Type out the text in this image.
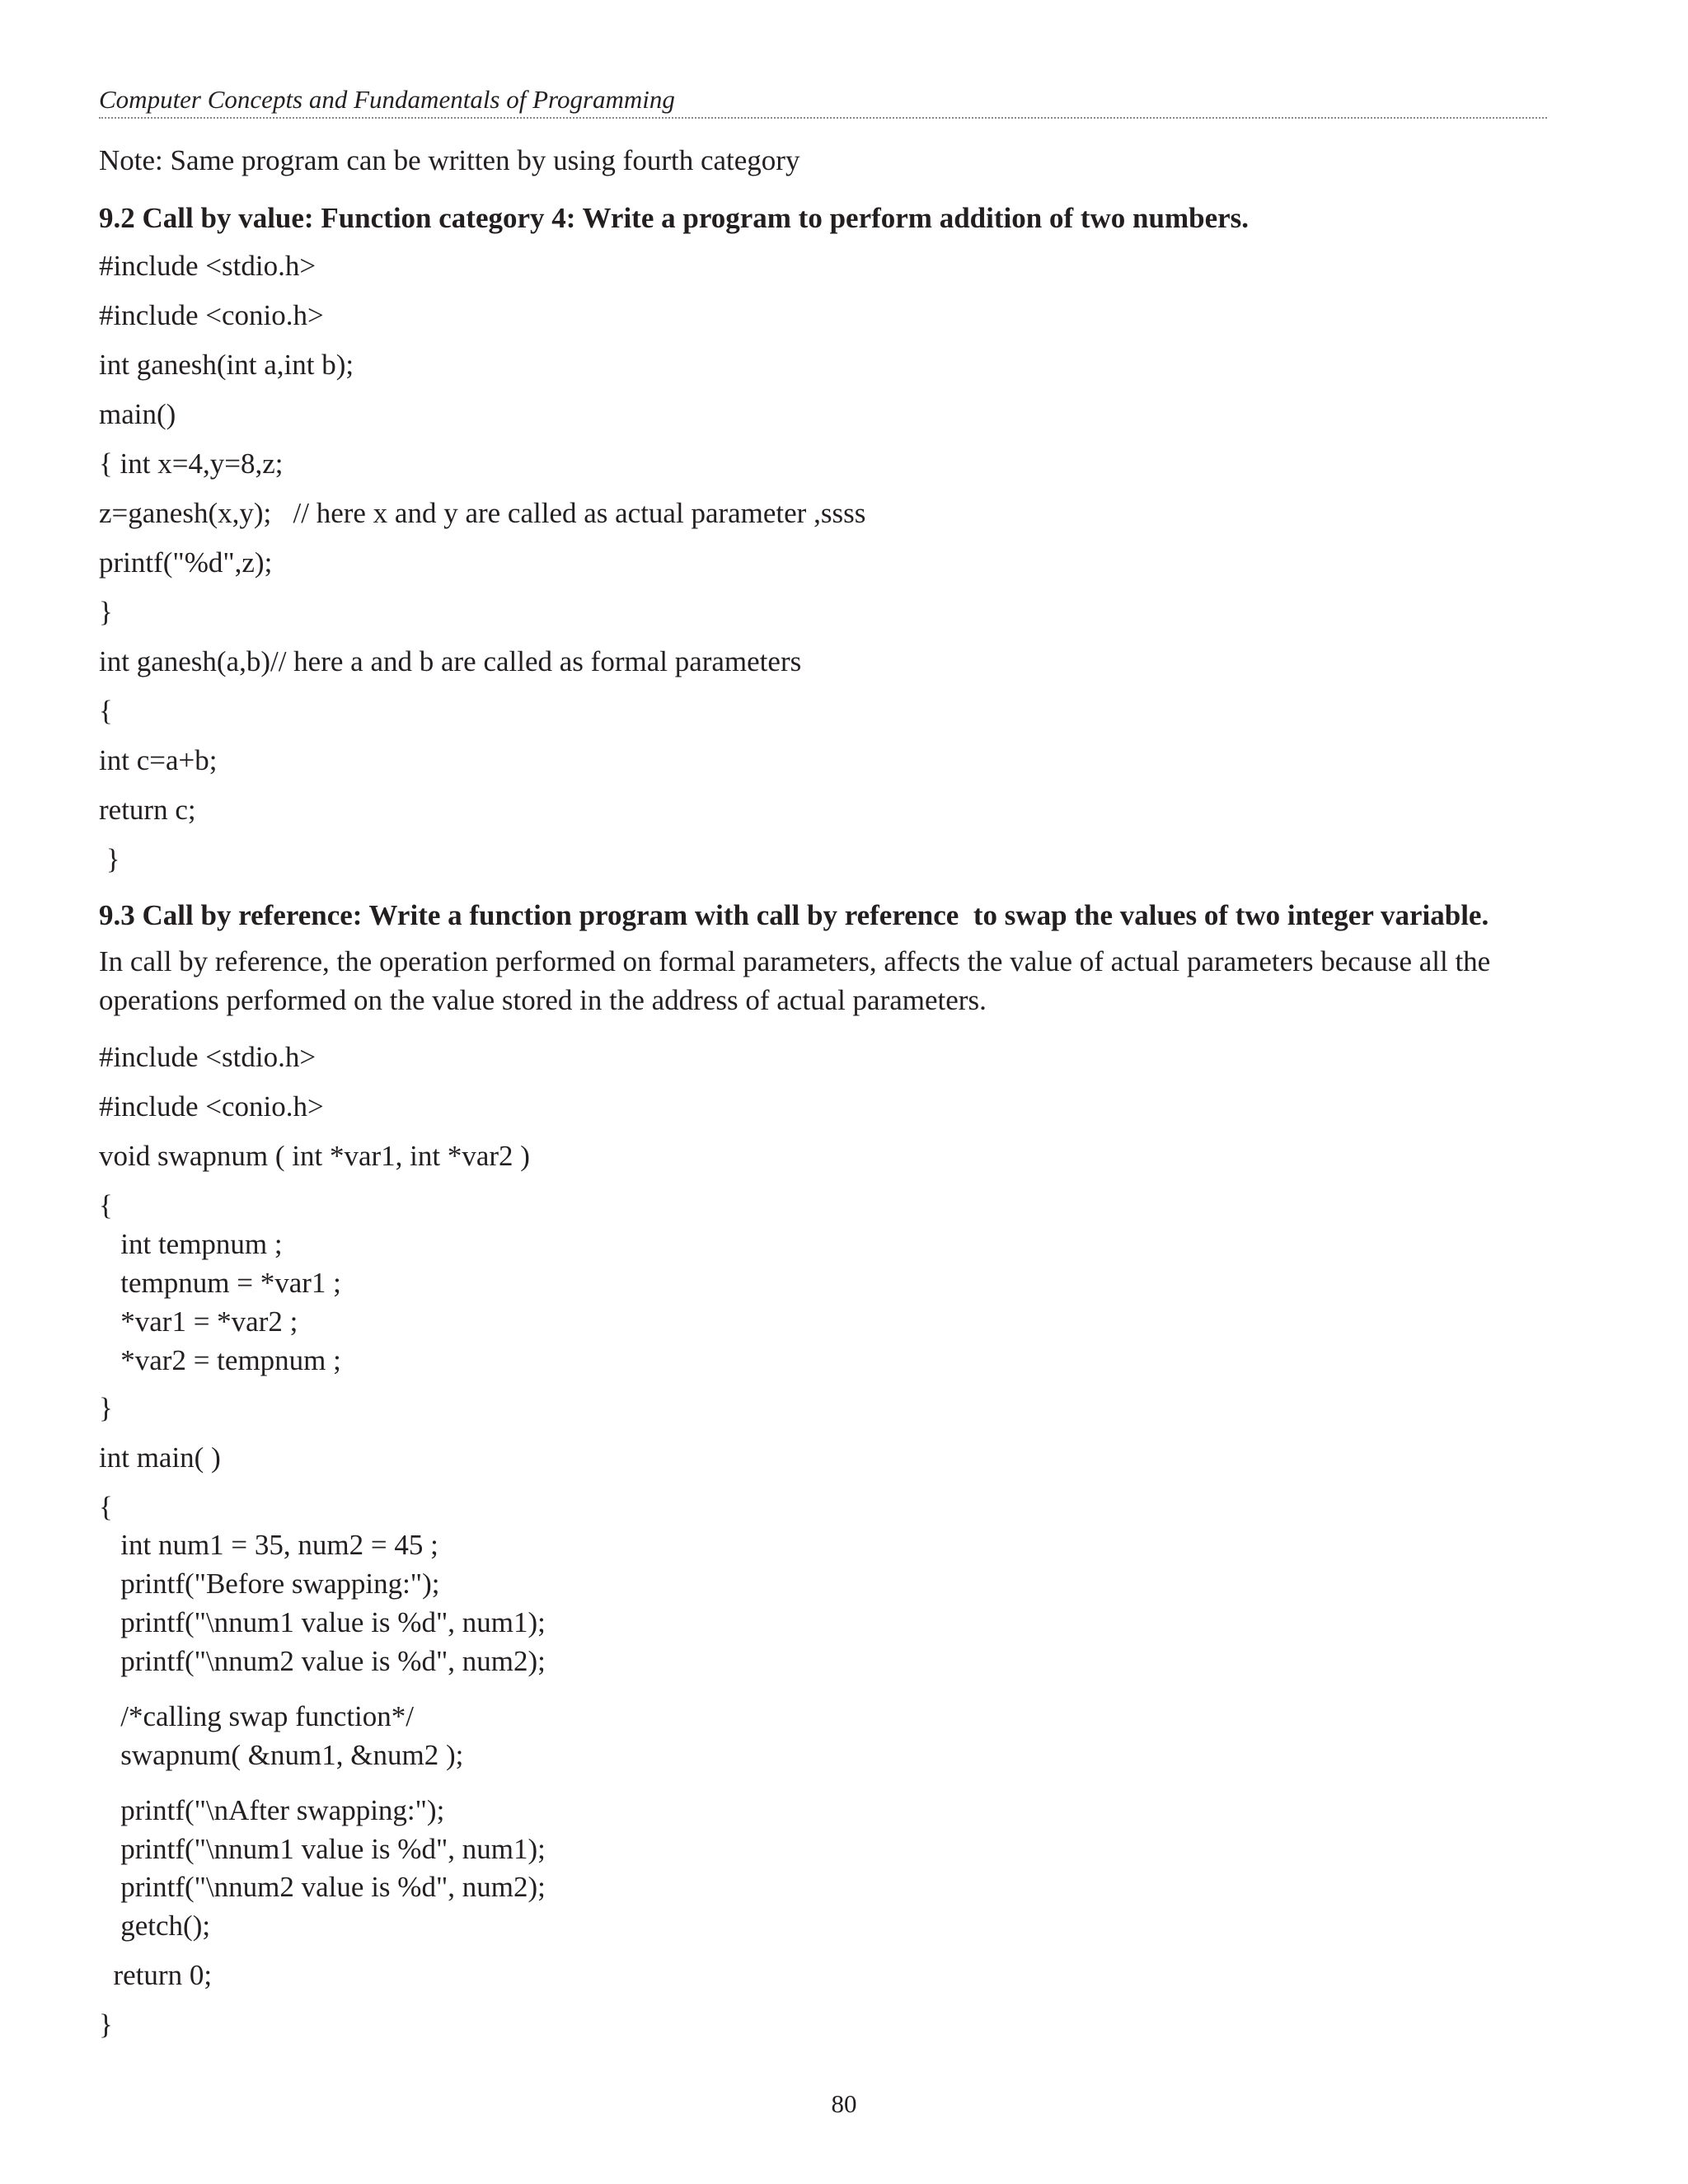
Computer Concepts and Fundamentals of Programming
Note: Same program can be written by using fourth category
9.2 Call by value: Function category 4: Write a program to perform addition of two numbers.
#include <stdio.h>
#include <conio.h>
int ganesh(int a,int b);
main()
{ int x=4,y=8,z;
z=ganesh(x,y);   // here x and y are called as actual parameter ,ssss
printf("%d",z);
}
int ganesh(a,b)// here a and b are called as formal parameters
{
int c=a+b;
return c;
}
9.3 Call by reference: Write a function program with call by reference  to swap the values of two integer variable.
In call by reference, the operation performed on formal parameters, affects the value of actual parameters because all the operations performed on the value stored in the address of actual parameters.
#include <stdio.h>
#include <conio.h>
void swapnum ( int *var1, int *var2 )
{
int tempnum ;
tempnum = *var1 ;
*var1 = *var2 ;
*var2 = tempnum ;
}
int main( )
{
int num1 = 35, num2 = 45 ;
printf("Before swapping:");
printf("\nnum1 value is %d", num1);
printf("\nnum2 value is %d", num2);
/*calling swap function*/
swapnum( &num1, &num2 );
printf("\nAfter swapping:");
printf("\nnum1 value is %d", num1);
printf("\nnum2 value is %d", num2);
getch();
return 0;
}
80
